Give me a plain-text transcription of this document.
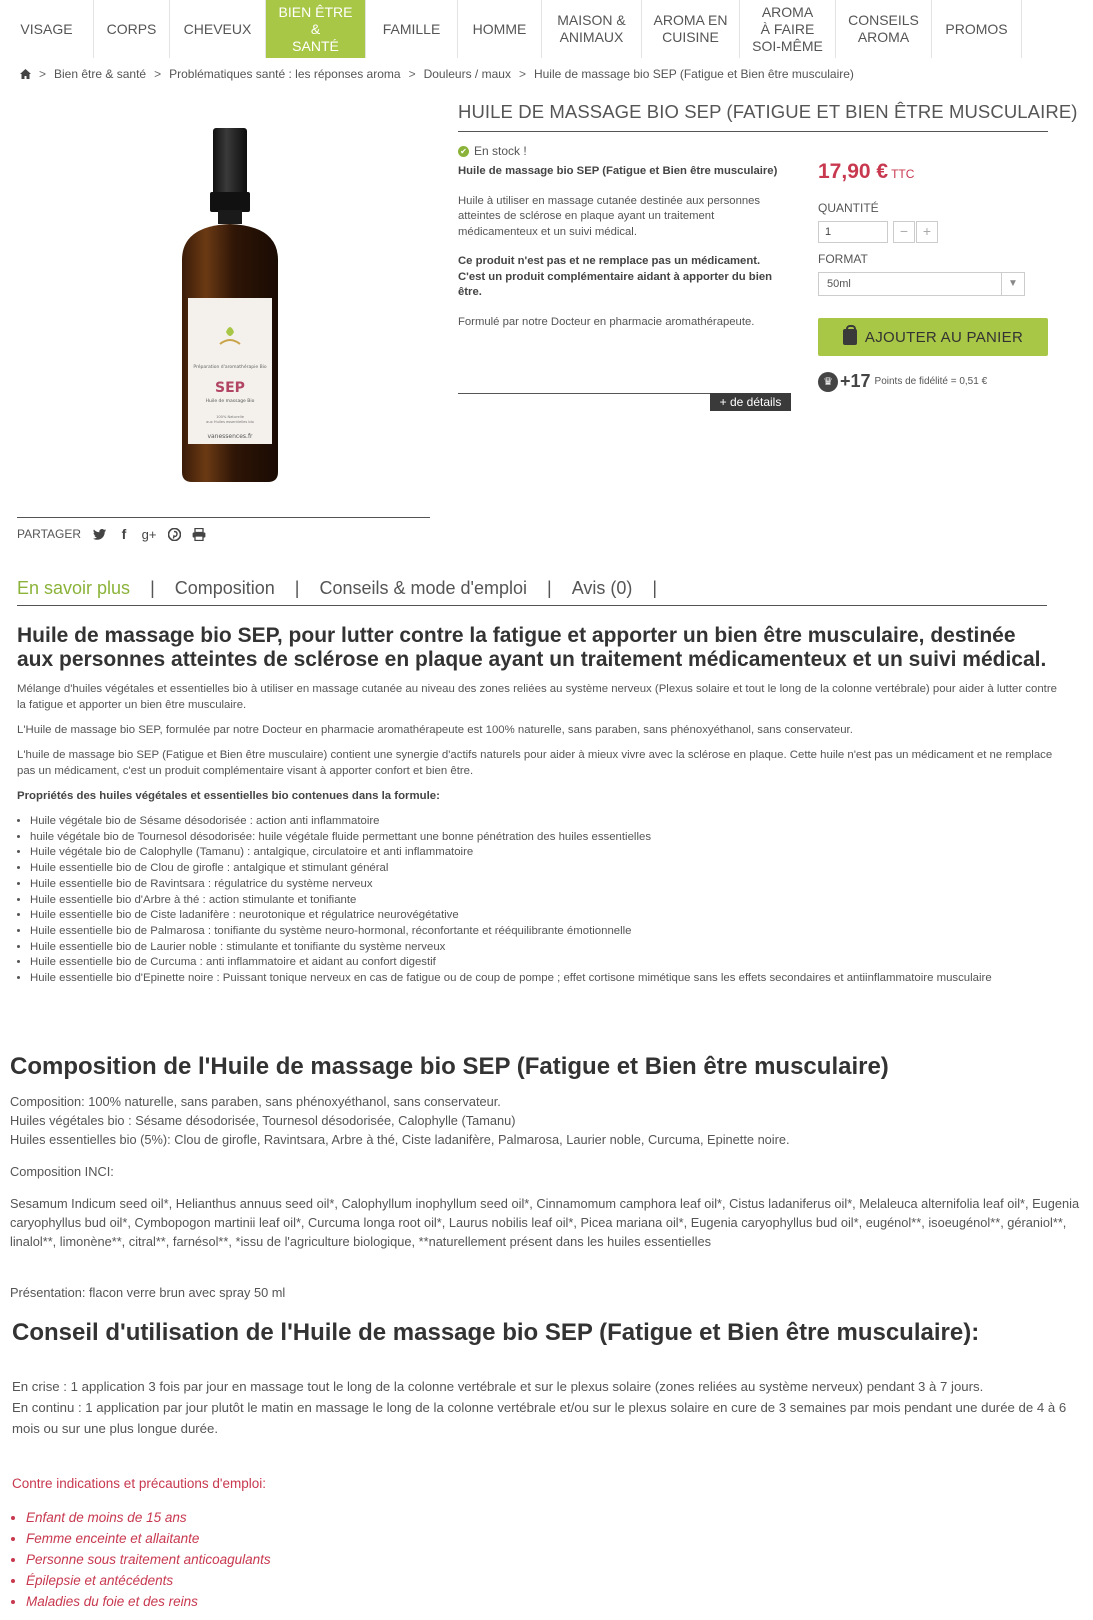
VISAGE	CORPS	CHEVEUX
BIEN ÊTRE &
SANTÉ
FAMILLE	HOMME
MAISON &
ANIMAUX
AROMA EN
CUISINE
AROMA
À FAIRE
SOI-MÊME
CONSEILS
AROMA
PROMOS
> Bien être & santé > Problématiques santé : les réponses aroma > Douleurs / maux > Huile de massage bio SEP (Fatigue et Bien être musculaire)
Préparation d'aromathérapie Bio
SEP
Huile de massage Bio
100% Naturelle
aux Huiles essentielles bio
vanessences.fr
PARTAGER	f	g+
HUILE DE MASSAGE BIO SEP (FATIGUE ET BIEN ÊTRE MUSCULAIRE)
✔ En stock !

Huile de massage bio SEP (Fatigue et Bien être musculaire)

Huile à utiliser en massage cutanée destinée aux personnes atteintes de sclérose en plaque ayant un traitement médicamenteux et un suivi médical.

Ce produit n'est pas et ne remplace pas un médicament. C'est un produit complémentaire aidant à apporter du bien être.

Formulé par notre Docteur en pharmacie aromathérapeute.

+ de détails
17,90 € TTC
QUANTITÉ
1
−	+
FORMAT
50ml	▼
AJOUTER AU PANIER
♛ +17 Points de fidélité = 0,51 €
En savoir plus | Composition | Conseils & mode d'emploi | Avis (0) |
Huile de massage bio SEP, pour lutter contre la fatigue et apporter un bien être musculaire, destinée aux personnes atteintes de sclérose en plaque ayant un traitement médicamenteux et un suivi médical.

Mélange d'huiles végétales et essentielles bio à utiliser en massage cutanée au niveau des zones reliées au système nerveux (Plexus solaire et tout le long de la colonne vertébrale) pour aider à lutter contre la fatigue et apporter un bien être musculaire.

L'Huile de massage bio SEP, formulée par notre Docteur en pharmacie aromathérapeute est 100% naturelle, sans paraben, sans phénoxyéthanol, sans conservateur.

L'huile de massage bio SEP (Fatigue et Bien être musculaire) contient une synergie d'actifs naturels pour aider à mieux vivre avec la sclérose en plaque. Cette huile n'est pas un médicament et ne remplace pas un médicament, c'est un produit complémentaire visant à apporter confort et bien être.

Propriétés des huiles végétales et essentielles bio contenues dans la formule:

• Huile végétale bio de Sésame désodorisée : action anti inflammatoire
• huile végétale bio de Tournesol désodorisée: huile végétale fluide permettant une bonne pénétration des huiles essentielles
• Huile végétale bio de Calophylle (Tamanu) : antalgique, circulatoire et anti inflammatoire
• Huile essentielle bio de Clou de girofle : antalgique et stimulant général
• Huile essentielle bio de Ravintsara : régulatrice du système nerveux
• Huile essentielle bio d'Arbre à thé : action stimulante et tonifiante
• Huile essentielle bio de Ciste ladanifère : neurotonique et régulatrice neurovégétative
• Huile essentielle bio de Palmarosa : tonifiante du système neuro-hormonal, réconfortante et rééquilibrante émotionnelle
• Huile essentielle bio de Laurier noble : stimulante et tonifiante du système nerveux
• Huile essentielle bio de Curcuma : anti inflammatoire et aidant au confort digestif
• Huile essentielle bio d'Epinette noire : Puissant tonique nerveux en cas de fatigue ou de coup de pompe ; effet cortisone mimétique sans les effets secondaires et antiinflammatoire musculaire
Composition de l'Huile de massage bio SEP (Fatigue et Bien être musculaire)

Composition: 100% naturelle, sans paraben, sans phénoxyéthanol, sans conservateur.

Huiles végétales bio : Sésame désodorisée, Tournesol désodorisée, Calophylle (Tamanu)

Huiles essentielles bio (5%): Clou de girofle, Ravintsara, Arbre à thé, Ciste ladanifère, Palmarosa, Laurier noble, Curcuma, Epinette noire.

Composition INCI:

Sesamum Indicum seed oil*, Helianthus annuus seed oil*, Calophyllum inophyllum seed oil*, Cinnamomum camphora leaf oil*, Cistus ladaniferus oil*, Melaleuca alternifolia leaf oil*, Eugenia caryophyllus bud oil*, Cymbopogon martinii leaf oil*, Curcuma longa root oil*, Laurus nobilis leaf oil*, Picea mariana oil*, Eugenia caryophyllus bud oil*, eugénol**, isoeugénol**, géraniol**, linalol**, limonène**, citral**, farnésol**, *issu de l'agriculture biologique, **naturellement présent dans les huiles essentielles

Présentation: flacon verre brun avec spray 50 ml

Conseil d'utilisation de l'Huile de massage bio SEP (Fatigue et Bien être musculaire):

En crise : 1 application 3 fois par jour en massage tout le long de la colonne vertébrale et sur le plexus solaire (zones reliées au système nerveux) pendant 3 à 7 jours.

En continu : 1 application par jour plutôt le matin en massage le long de la colonne vertébrale et/ou sur le plexus solaire en cure de 3 semaines par mois pendant une durée de 4 à 6 mois ou sur une plus longue durée.

Contre indications et précautions d'emploi:
• Enfant de moins de 15 ans
• Femme enceinte et allaitante
• Personne sous traitement anticoagulants
• Épilepsie et antécédents
• Maladies du foie et des reins
